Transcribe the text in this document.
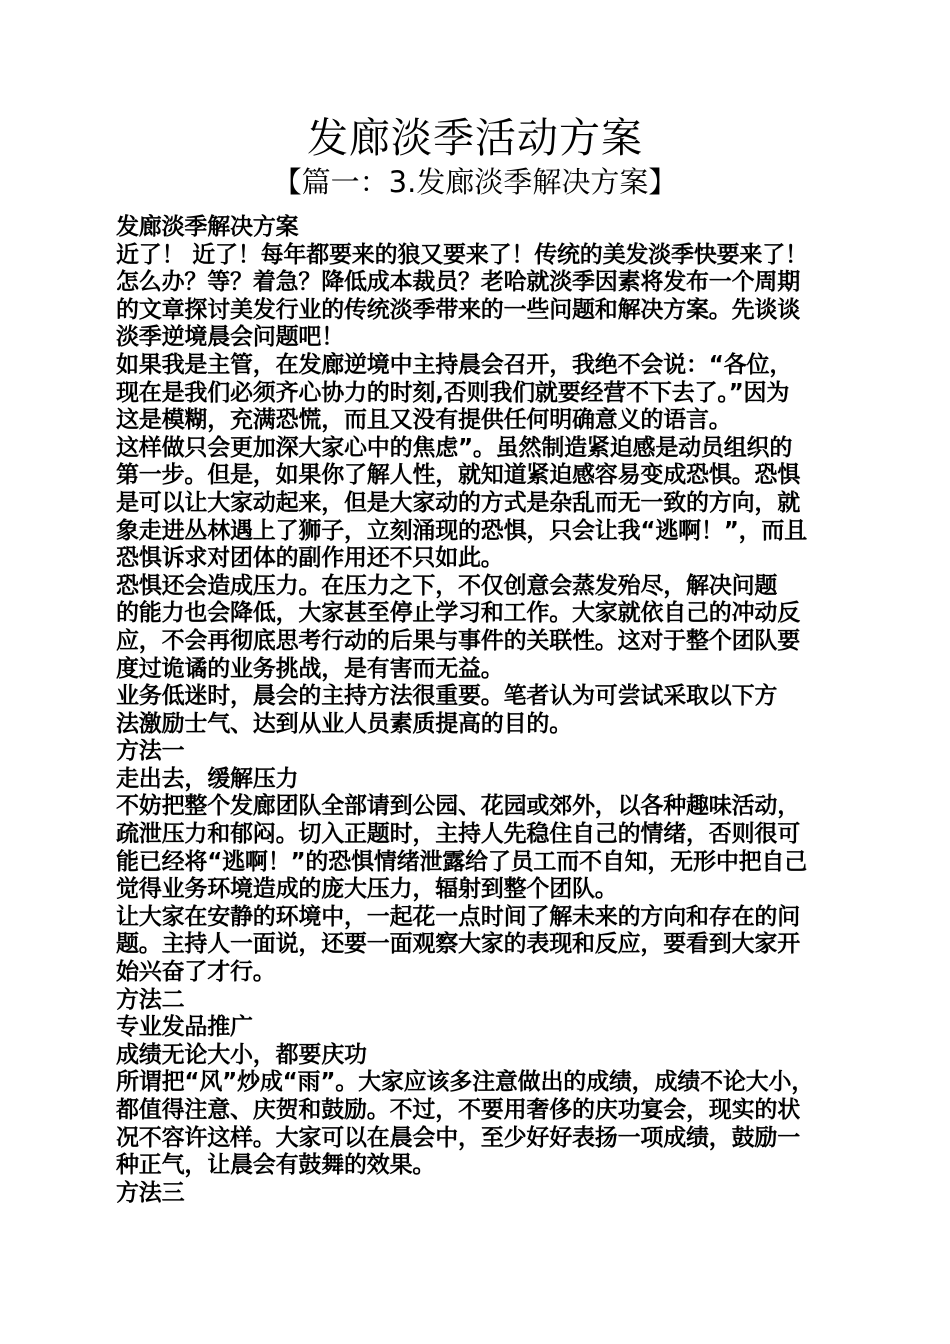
发廊淡季活动方案
【篇一：3.发廊淡季解决方案】
发廊淡季解决方案
近了！ 近了！每年都要来的狼又要来了！传统的美发淡季快要来了！
怎么办？等？着急？降低成本裁员？老哈就淡季因素将发布一个周期
的文章探讨美发行业的传统淡季带来的一些问题和解决方案。先谈谈
淡季逆境晨会问题吧！
如果我是主管，在发廊逆境中主持晨会召开，我绝不会说：“各位，
现在是我们必须齐心协力的时刻,否则我们就要经营不下去了。”因为
这是模糊，充满恐慌，而且又没有提供任何明确意义的语言。
这样做只会更加深大家心中的焦虑”。虽然制造紧迫感是动员组织的
第一步。但是，如果你了解人性，就知道紧迫感容易变成恐惧。恐惧
是可以让大家动起来，但是大家动的方式是杂乱而无一致的方向，就
象走进丛林遇上了狮子，立刻涌现的恐惧，只会让我“逃啊！”，而且
恐惧诉求对团体的副作用还不只如此。
恐惧还会造成压力。在压力之下，不仅创意会蒸发殆尽，解决问题
的能力也会降低，大家甚至停止学习和工作。大家就依自己的冲动反
应，不会再彻底思考行动的后果与事件的关联性。这对于整个团队要
度过诡谲的业务挑战，是有害而无益。
业务低迷时，晨会的主持方法很重要。笔者认为可尝试采取以下方
法激励士气、达到从业人员素质提高的目的。
方法一
走出去，缓解压力
不妨把整个发廊团队全部请到公园、花园或郊外，以各种趣味活动，
疏泄压力和郁闷。切入正题时，主持人先稳住自己的情绪，否则很可
能已经将“逃啊！”的恐惧情绪泄露给了员工而不自知，无形中把自己
觉得业务环境造成的庞大压力，辐射到整个团队。
让大家在安静的环境中，一起花一点时间了解未来的方向和存在的问
题。主持人一面说，还要一面观察大家的表现和反应，要看到大家开
始兴奋了才行。
方法二
专业发品推广
成绩无论大小，都要庆功
所谓把“风”炒成“雨”。大家应该多注意做出的成绩，成绩不论大小，
都值得注意、庆贺和鼓励。不过，不要用奢侈的庆功宴会，现实的状
况不容许这样。大家可以在晨会中，至少好好表扬一项成绩，鼓励一
种正气，让晨会有鼓舞的效果。
方法三
